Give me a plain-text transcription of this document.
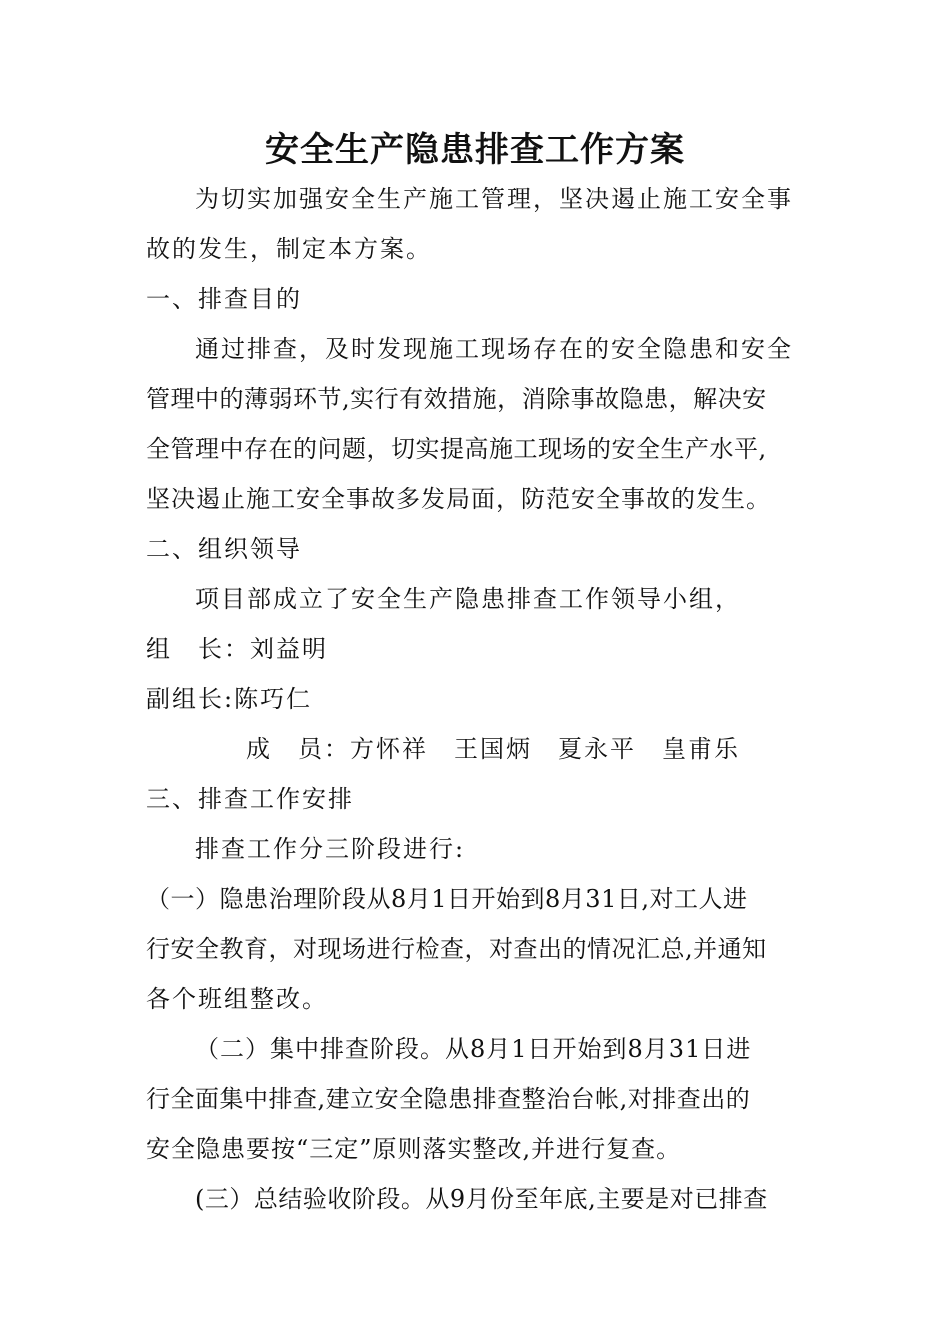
安全生产隐患排查工作方案
为切实加强安全生产施工管理，坚决遏止施工安全事
故的发生，制定本方案。
一、排查目的
通过排查，及时发现施工现场存在的安全隐患和安全
管理中的薄弱环节,实行有效措施，消除事故隐患，解决安
全管理中存在的问题，切实提高施工现场的安全生产水平,
坚决遏止施工安全事故多发局面，防范安全事故的发生。
二、组织领导
项目部成立了安全生产隐患排查工作领导小组，
组　长：刘益明
副组长:陈巧仁
成　员：方怀祥　王国炳　夏永平　皇甫乐
三、排查工作安排
排查工作分三阶段进行:
（一）隐患治理阶段从8月1日开始到8月31日,对工人进
行安全教育，对现场进行检查，对查出的情况汇总,并通知
各个班组整改。
（二）集中排查阶段。从8月1日开始到8月31日进
行全面集中排查,建立安全隐患排查整治台帐,对排查出的
安全隐患要按“三定”原则落实整改,并进行复查。
(三）总结验收阶段。从9月份至年底,主要是对已排查
